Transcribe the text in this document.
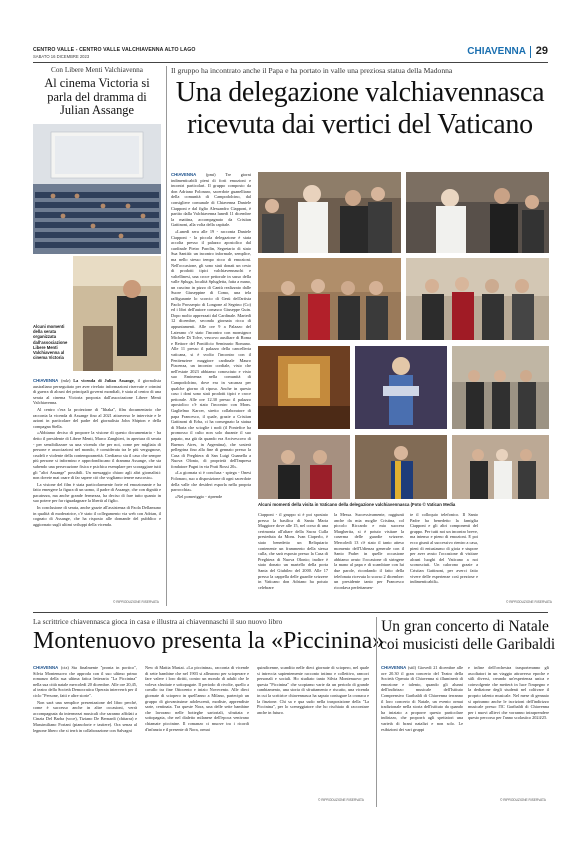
CENTRO VALLE - CENTRO VALLE VALCHIAVENNA ALTO LAGO
SABATO 16 DICEMBRE 2023	CHIAVENNA 29
Con Libere Menti Valchiavenna
Al cinema Victoria si parla del dramma di Julian Assange
Alcuni momenti della serata organizzata dall'associazione Libere Menti Valchiavenna al cinema Victoria

CHIAVENNA (mlz) La vicenda di Julian Assange, il giornalista australiano perseguitato per aver rivelato informazioni riservate e crimini di guerra di alcuni dei principali governi mondiali, è stata al centro di una serata al cinema Victoria proposta dall'associazione Libere Menti Valchiavenna.

Al centro c'era la proiezione di "Ithaka", film documentario che racconta la vicenda di Assange fino al 2021 attraverso le interviste e le azioni in particolare del padre del giornalista John Shipton e della compagna Stella.

«Abbiamo deciso di proporre la visione di questo documentario - ha detto il presidente di Libere Menti, Marco Zanghieri, in apertura di serata - per sensibilizzare su una vicenda che per noi, come per migliaia di persone e associazioni nel mondo, è considerata tra le più vergognose, crudeli e violente della contemporaneità. Crediamo sia il caso che sempre più persone si informino e approfondiscano il dramma Assange, che sta subendo una persecuzione fisica e psichica esemplare per scoraggiare tutti gli "altri Assange" possibili. Un messaggio chiaro agli altri giornalisti: non dovete mai osare di far sapere ciò che vogliamo tenere nascosto».

La visione del film è stata particolarmente forte ed emozionante e ha fatto emergere la figura di un uomo, il padre di Assange, che con dignità e pacatezza, ma anche grande fermezza, ha deciso di fare tutto quanto in suo potere per far riguadagnare la libertà al figlio.

In conclusione di serata, anche grazie all'assistenza di Paola Dellamuno in qualità di moderatrice, c'è stato il collegamento via web con Adrian, il cognato di Assange, che ha risposto alle domande del pubblico e aggiornato sugli ultimi sviluppi della vicenda.

© RIPRODUZIONE RISERVATA
Il gruppo ha incontrato anche il Papa e ha portato in valle una preziosa statua della Madonna
Una delegazione valchiavennasca
ricevuta dai vertici del Vaticano

CHIAVENNA (pmi) Tre giorni indimenticabili pieni di forti emozioni e incontri particolari. Il gruppo composto da don Adriano Folonaro, sacerdote guanelliano della comunità di Campodolcino, dal consigliere comunale di Chiavenna Daniele Ciapponi e dal figlio Alessandro Ciapponi, è partito dalla Valchiavenna lunedì 11 dicembre la mattina, accompagnato da Cristian Gattinoni, alla volta della capitale.

«Lunedì sera alle 19 - racconta Daniele Ciapponi - la piccola delegazione è stata accolta presso il palazzo apostolico dal cardinale Pietro Parolin, Segretario di stato Sua Santità: un incontro informale, semplice, ma nello stesso tempo ricco di emozioni. Nell'occasione, gli sono stati donati un cesto di prodotti tipici valchiavennaschi e valtellinesi, una croce pettorale in sasso della valle Spluga, località Splugletta, fatta a mano, un cuscino in pizzo di Cantù realizzato dalle Suore Giuseppine di Como, una tela raffigurante lo scorcio di Gesù dell'artista Paolo Prosserpio di Longone al Segrino (Co) ed i libri dell'autore comasco Giuseppe Guin. Dopo molto apprezzati dal Cardinale. Martedì 12 dicembre, seconda giornata ricca di appuntamenti. Alle ore 9 a Palazzo del Laterano c'è stato l'incontro con monsignor Michele Di Tolve, vescovo ausiliare di Roma e Rettore del Pontificio Seminario Romano. Alle 11 presso il palazzo della cancelleria vaticana, si è svolto l'incontro con il Penitenziere maggiore cardinale Mauro Piacenza, un incontro cordiale, visto che nell'estate 2023 abbiamo conosciuto e visto suo Eminenza nella comunità di Campodolcino, dove era in vacanza per qualche giorno di riposo. Anche in questo caso i doni sono stati prodotti tipici e croce pettorale. Alle ore 12.30 presso il palazzo apostolico c'è stato l'incontro con Mons. Gaglielmo Karcer, stretto collaboratore di papa Francesco, il quale, grazie a Cristian Gattinoni di Erba, ci ha consegnato la statua di Maria che scioglie i nodi (il Pontefice ha promosso il culto non solo durante il suo papato, ma già da quando era Arcivescovo di Buenos Aires, in Argentina), che sosterà pellegrina fino alla fine di gennaio presso la Casa di Preghiera di San Luigi Guanella a Nuova Olonio, di proprietà dell'Impresa fondatore Pagni in via Prati Rossi 20».

«La giornata si è conclusa - spiega - Onesi Folonaro, suo a disposizione di ogni sacerdote della valle che desideri esporla nella propria parrocchia».

«Nel pomeriggio - riprende

Alcuni momenti della visita in Vaticano della delegazione valchiavennasca (Foto © Vatican Media
Ciapponi - il gruppo si è poi spostato presso la basilica di Santa Maria Maggiore dove alle 15, nel corso di una cerimonia all'altare della Sacra Culla presieduta da Mons. Ivan Ciaperlo, è stato benedetto un Reliquiario contenente un frammento della stessa culla, che sarà esposto presso la Casa di Preghiera di Nuova Olonio; inoltre è stato donato un martello della porta Santa del Giubileo del 2000. Alle 17 presso la cappella delle guardie svizzere in Vaticano don Adriano ha potuto celebrare
la Messa. Successivamente, raggiunti anche da mia moglie Cristina, col piccolo Riccardo e mia suocera Margherita, si è potuto visitare la caserma delle guardie svizzere. Mercoledì 13 c'è stato il tanto atteso momento dell'Udienza generale con il Santo Padre: in quelle occasione abbiamo avuto l'occasione di stringere la mano al papa e di scambiare con lui due parole, ricordando il fatto della telefonata ricevuta lo scorso 2 dicembre: un presidente tanto per Francesco ricordava perfettamen-
te il colloquio telefonico. Il Santo Padre ha benedetto la famiglia Ciapponi e gli altri componenti del gruppo. Per tutti noi un incontro breve, ma intenso e pieno di emozioni. E poi ecco giunti al successivo rientro a casa, pieni di entusiasmo di gioia e stupore per aver avuto l'occasione di visitare alcuni luoghi del Vaticano a noi sconosciuti. Un calorono grazie a Cristian Gattinoni, per averci fatto vivere delle esperienze così preziose e indimenticabili».
© RIPRODUZIONE RISERVATA
La scrittrice chiavennasca gioca in casa e illustra ai chiavennaschi il suo nuovo libro
Montenuovo presenta la «Piccinina»

CHIAVENNA (ctz) Sta finalmente "pronta in portico", Silvia Montenuovo che approda con il suo ultimo primo romanzo della sua ultima fatica letteraria "La Piccinina" nella sua città natale mercoledì 20 dicembre. Alle ore 20,45, al teatro della Società Democratica Operaia interverrà per il ciclo "Persone, fatti e altre storie".

Non sarà una semplice presentazione del libro perché, come è successo anche in altre occasioni, verrà accompagnata da intermezzi musicali che saranno affidati a Cinzia Del Barba (voce), Tiziano De Bernardi (chitarra) e Massimiliano Foriani (pianoforte e tastiere). Ora senza al legnone libero che si terrà in collaborazione con Salvagni

New di Mattia Mastai. «La piccinina», racconta di vicende di sette bambine che nel 1903 si allearono per scioperare e fare valere i loro diritti, contro un mondo di adulti che le voleva sfruttate e sottopagate. Il periodo di rivolte, quello a cavallo tra fine Ottocento e inizio Novecento. Alle dieci giornate di sciopero in quell'anno a Milano, partecipò un gruppo di giovanissime adolescenti, modiste, apprendiste sarte, centinaia. Tra queste Nora, una delle sette bambine che lavorano nelle botteghe sartoriali, sfruttata e sottopagata, che nel dialetto milanese dell'epoca venivano chiamate piccinine. Il romanzo ci muove tra i ricordi d'infanzia e il presente di Nora, ormai
quindicenne, scandito nelle dieci giornate di sciopero, nel quale si intreccia sapientemente racconto intimo e collettivo, rancori personali e sociali. Ho studiato tanto Silvia Montenuovo per questa "Piccinina" che scopiamo varie da un periodo di grande cambiamento, una storia di sfruttamento e riscatto, una vicenda in cui la scrittrice chiavennasca ha saputo coniugare la cronaca e la finzione. Chi sa e qua sudo nella trasposizione della "La Piccinina", per lo sceneggiatore che ho rischiato di raccontare anche in futuro.
© RIPRODUZIONE RISERVATA
Un gran concerto di Natale
coi musicisti delle Garibaldi

CHIAVENNA (sttl) Giovedì 21 dicembre alle ore 20.30 il gran concerto del Teatro della Società Operaia di Chiavenna si illuminerà di emozione e talento, quando gli alunni dell'indirizzo musicale dell'Istituto Comprensivo Garibaldi di Chiavenna terranno il loro concerto di Natale, un evento ormai tradizionale nella storia dell'istituto da quando ha iniziato a proporre questo particolare indirizzo, che proporrà agli spettatori una varietà di brani natalizi e non solo. Le esibizioni dei vari gruppi

e infine dell'orchestra trasporteranno gli ascoltatori in un viaggio attraverso epoche e stili diversi, creando un'esperienza unica e coinvolgente che metterà in luce l'impegno e la dedizione degli studenti nel coltivare il proprio talento musicale. Nel mese di gennaio si apriranno anche le iscrizioni dell'indirizzo musicale presso l'IC Garibaldi di Chiavenna per i nuovi allievi che vorranno intraprendere questo percorso per l'anno scolastico 2024/25.
© RIPRODUZIONE RISERVATA
